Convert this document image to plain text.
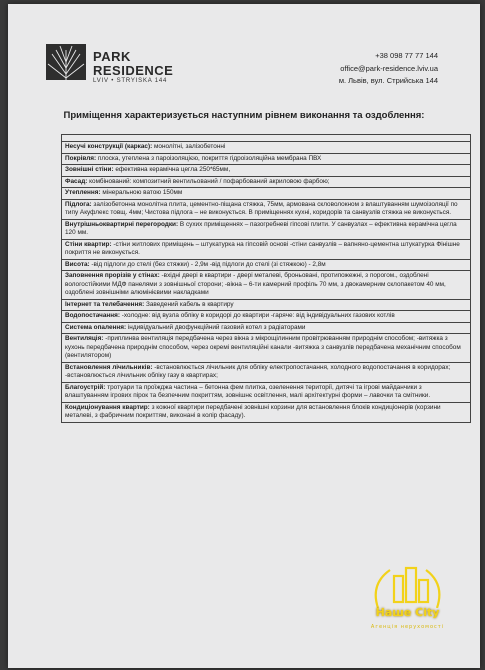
PARK
RESIDENCE
LVIV • STRYISKA 144
+38 098 77 77 144
office@park-residence.lviv.ua
м. Львів, вул. Стрийська 144
Приміщення характеризується наступним рівнем виконання та оздоблення:

Несучі конструкції (каркас): монолітні, залізобетонні
Покрівля: плоска, утеплена з пароізоляцією, покриття гідроізоляційна мембрана ПВХ
Зовнішні стіни: ефективна керамічна цегла 250*65мм,
Фасад: комбінований: композитний вентильований / пофарбований акриловою фарбою;
Утеплення: мінеральною ватою 150мм
Підлога: залізобетонна монолітна плита, цементно-піщана стяжка, 75мм, армована скловолокном з влаштуванням шумоізоляції по типу Акуфлекс товщ. 4мм; Чистова підлога – не виконується. В приміщеннях кухні, коридорів та санвузлів стяжка не виконується.
Внутрішньоквартирні перегородки: В сухих приміщеннях – пазогребневі гіпсові плити. У санвузлах – ефективна керамічна цегла 120 мм.
Стіни квартир: -стіни житлових приміщень – штукатурка на гіпсовій основі -стіни санвузлів – вапняно-цементна штукатурка Фінішне покриття не виконується.
Висота: -від підлоги до стелі (без стяжки) - 2,9м -від підлоги до стелі (зі стяжкою) - 2,8м
Заповнення прорізів у стінах: -вхідні двері в квартири - двері металеві, броньовані, протипожежні, з порогом., оздоблені вологостійкими МДФ панелями з зовнішньої сторони; -вікна – 6-ти камерний профіль 70 мм, з двокамерним склопакетом 40 мм, оздоблені зовнішніми алюмінієвими накладками
Інтернет та телебачення: Заведений кабель в квартиру
Водопостачання: -холодне: від вузла обліку в коридорі до квартири -гаряче: від індивідуальних газових котлів
Система опалення: індивідуальний двофункційний газовий котел з радіаторами
Вентиляція: -приплинва вентиляція передбачена через вікна з мікрощілинним провітрюванням природнім способом; -витяжка з кухонь передбачена природнім способом, через окремі вентиляційні канали -витяжка з санвузлів передбачена механічним способом (вентилятором)
Встановлення лічильників: -встановлюється лічильник для обліку електропостачання, холодного водопостачання в коридорах; -встановлюється лічильник обліку газу в квартирах;
Благоустрій: тротуари та проїжджа частина – бетонна фем плитка, озеленення території, дитячі та ігрові майданчики з влаштуванням ігрових пірок та безпечним покриттям, зовнішнє освітлення, малі архітектурні форми – лавочки та смітники.
Кондиціонування квартир: з кожної квартири передбачені зовнішні корзини для встановлення блоків кондиціонерів (корзини металеві, з фабричним покриттям, виконані в колір фасаду).
Наше City
Агенція нерухомості
